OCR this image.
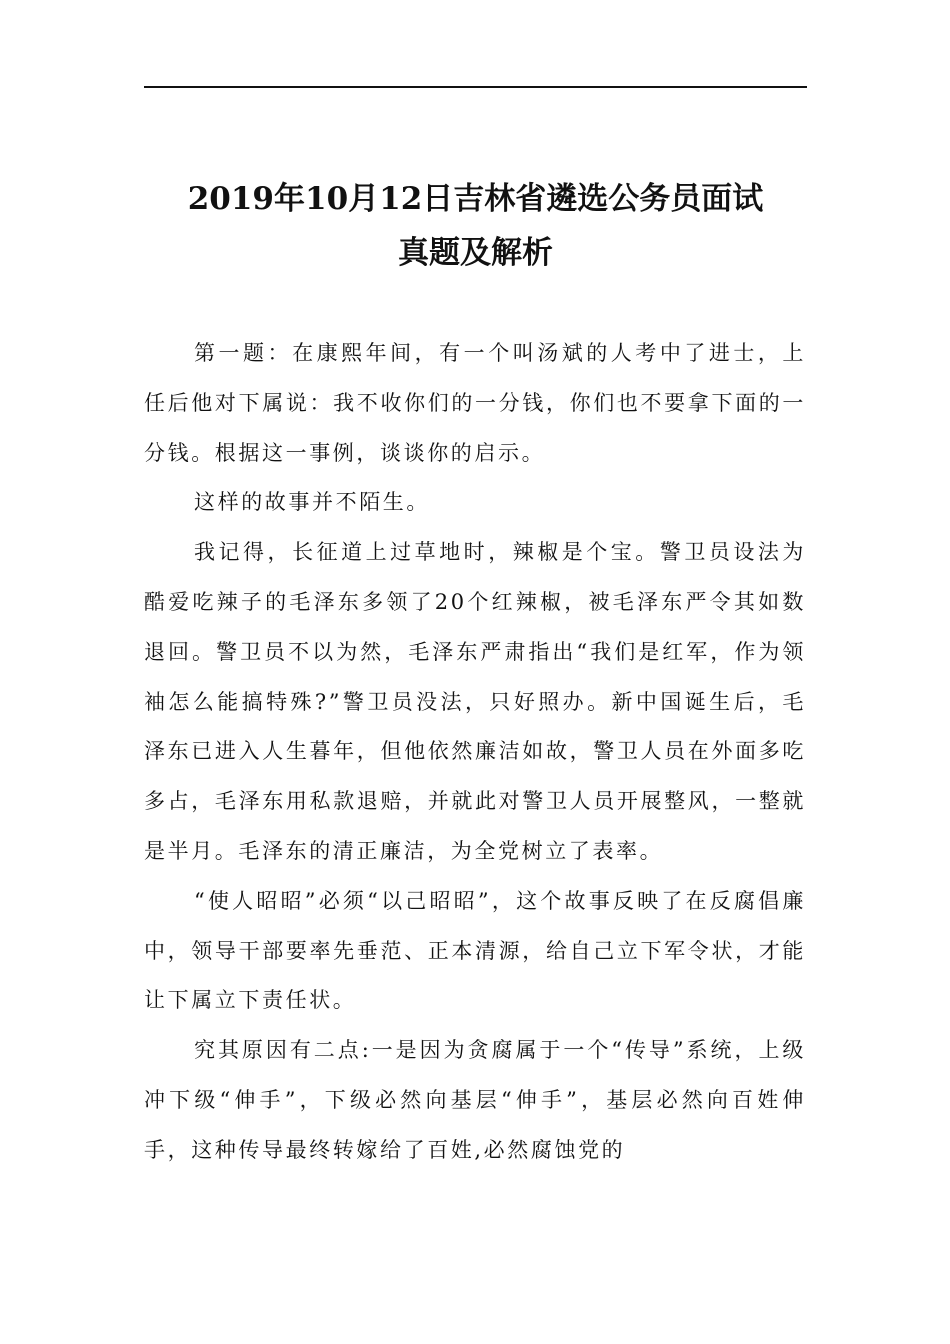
2019年10月12日吉林省遴选公务员面试
真题及解析

第一题：在康熙年间，有一个叫汤斌的人考中了进士，上任后他对下属说：我不收你们的一分钱，你们也不要拿下面的一分钱。根据这一事例，谈谈你的启示。

这样的故事并不陌生。

我记得，长征道上过草地时，辣椒是个宝。警卫员设法为酷爱吃辣子的毛泽东多领了20个红辣椒，被毛泽东严令其如数退回。警卫员不以为然，毛泽东严肃指出“我们是红军，作为领袖怎么能搞特殊?”警卫员没法，只好照办。新中国诞生后，毛泽东已进入人生暮年，但他依然廉洁如故，警卫人员在外面多吃多占，毛泽东用私款退赔，并就此对警卫人员开展整风，一整就是半月。毛泽东的清正廉洁，为全党树立了表率。

“使人昭昭”必须“以己昭昭”，这个故事反映了在反腐倡廉中，领导干部要率先垂范、正本清源，给自己立下军令状，才能让下属立下责任状。

究其原因有二点:一是因为贪腐属于一个“传导”系统，上级冲下级“伸手”，下级必然向基层“伸手”，基层必然向百姓伸手，这种传导最终转嫁给了百姓,必然腐蚀党的
